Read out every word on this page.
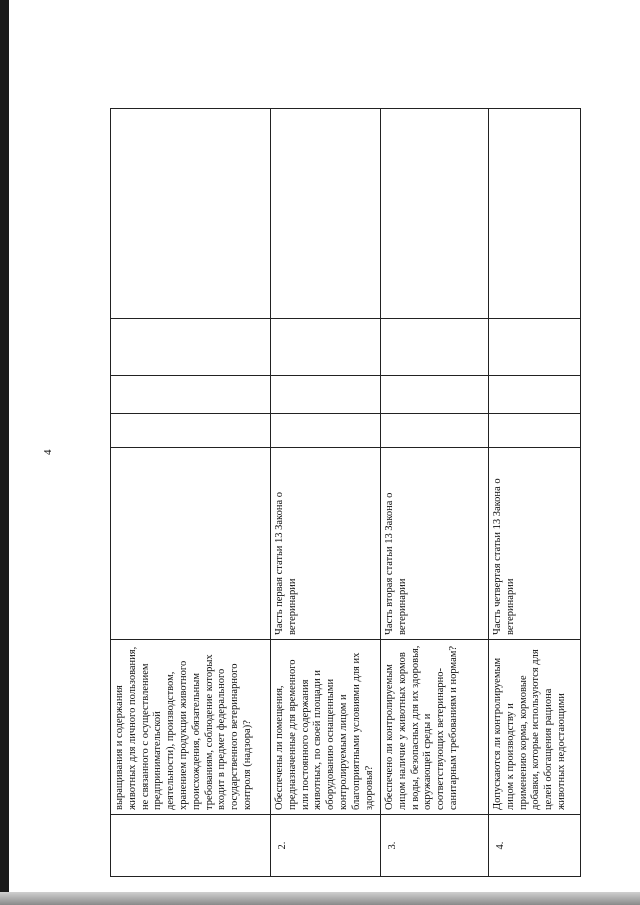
4

	выращивания и содержания животных для личного пользования, не связанного с осуществлением предпринимательской деятельности), производством, хранением продукции животного происхождения, обязательным требованиям, соблюдение которых входит в предмет федерального государственного ветеринарного контроля (надзора)?					
2.	Обеспечены ли помещения, предназначенные для временного или постоянного содержания животных, по своей площади и оборудованию оснащенными контролируемым лицом и благоприятными условиями для их здоровья?	Часть первая статьи 13 Закона о ветеринарии				
3.	Обеспечено ли контролируемым лицом наличие у животных кормов и воды, безопасных для их здоровья, окружающей среды и соответствующих ветеринарно-санитарным требованиям и нормам?	Часть вторая статьи 13 Закона о ветеринарии				
4.	Допускаются ли контролируемым лицом к производству и применению корма, кормовые добавки, которые используются для целей обогащения рациона животных недостающими	Часть четвертая статьи 13 Закона о ветеринарии				
